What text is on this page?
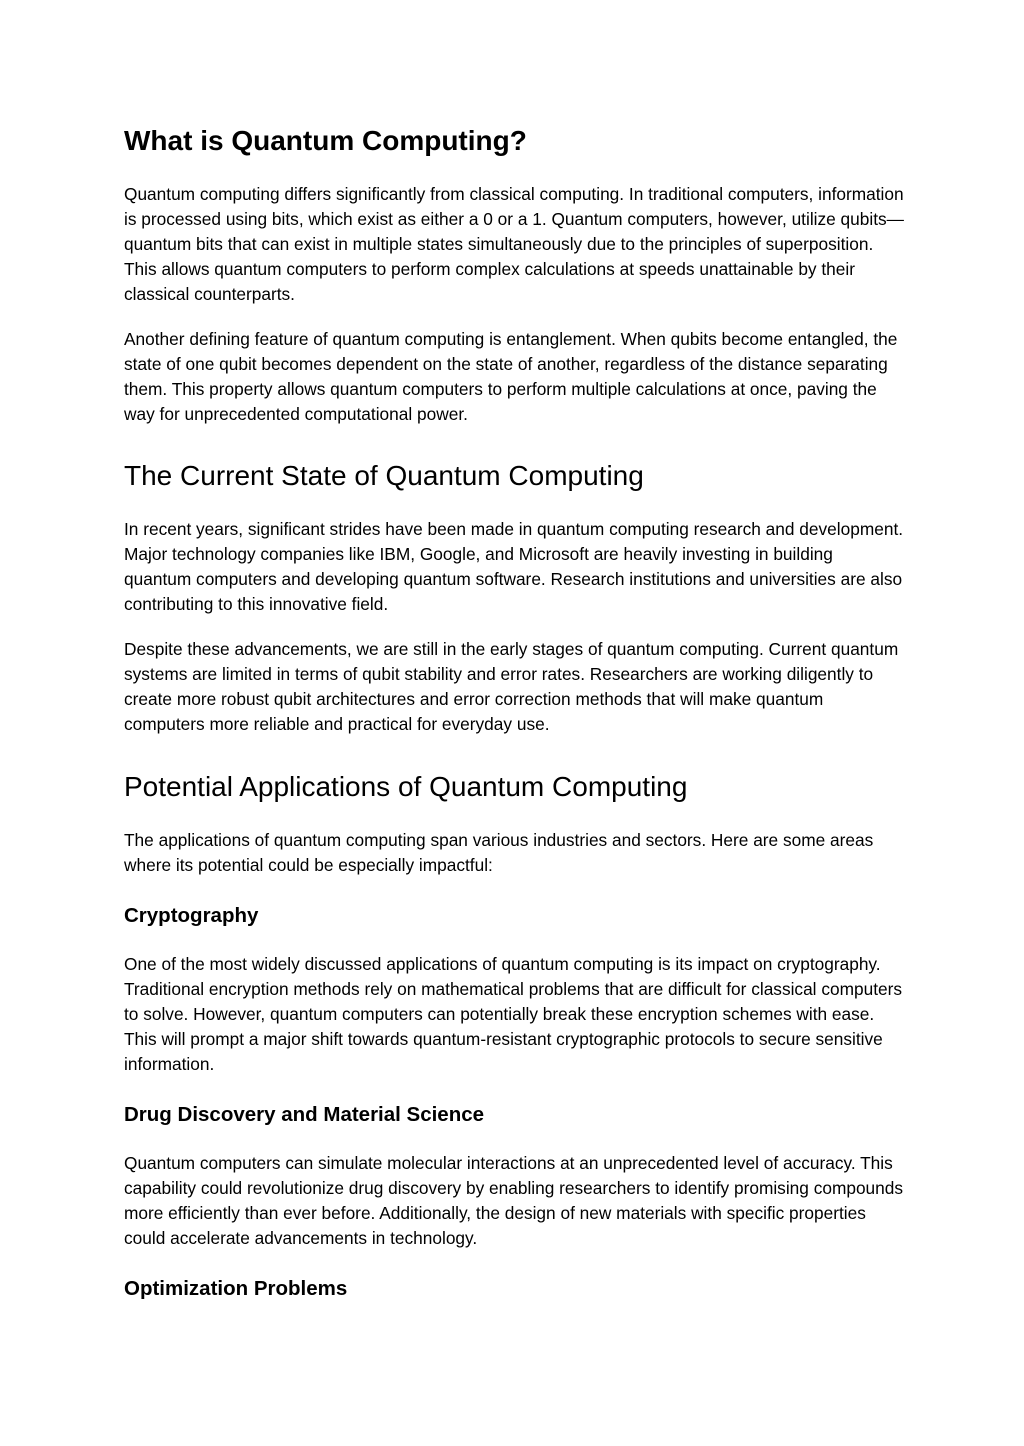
What is Quantum Computing?

Quantum computing differs significantly from classical computing. In traditional computers, information is processed using bits, which exist as either a 0 or a 1. Quantum computers, however, utilize qubits—quantum bits that can exist in multiple states simultaneously due to the principles of superposition. This allows quantum computers to perform complex calculations at speeds unattainable by their classical counterparts.

Another defining feature of quantum computing is entanglement. When qubits become entangled, the state of one qubit becomes dependent on the state of another, regardless of the distance separating them. This property allows quantum computers to perform multiple calculations at once, paving the way for unprecedented computational power.

The Current State of Quantum Computing

In recent years, significant strides have been made in quantum computing research and development. Major technology companies like IBM, Google, and Microsoft are heavily investing in building quantum computers and developing quantum software. Research institutions and universities are also contributing to this innovative field.

Despite these advancements, we are still in the early stages of quantum computing. Current quantum systems are limited in terms of qubit stability and error rates. Researchers are working diligently to create more robust qubit architectures and error correction methods that will make quantum computers more reliable and practical for everyday use.

Potential Applications of Quantum Computing

The applications of quantum computing span various industries and sectors. Here are some areas where its potential could be especially impactful:

Cryptography

One of the most widely discussed applications of quantum computing is its impact on cryptography. Traditional encryption methods rely on mathematical problems that are difficult for classical computers to solve. However, quantum computers can potentially break these encryption schemes with ease. This will prompt a major shift towards quantum-resistant cryptographic protocols to secure sensitive information.

Drug Discovery and Material Science

Quantum computers can simulate molecular interactions at an unprecedented level of accuracy. This capability could revolutionize drug discovery by enabling researchers to identify promising compounds more efficiently than ever before. Additionally, the design of new materials with specific properties could accelerate advancements in technology.

Optimization Problems
